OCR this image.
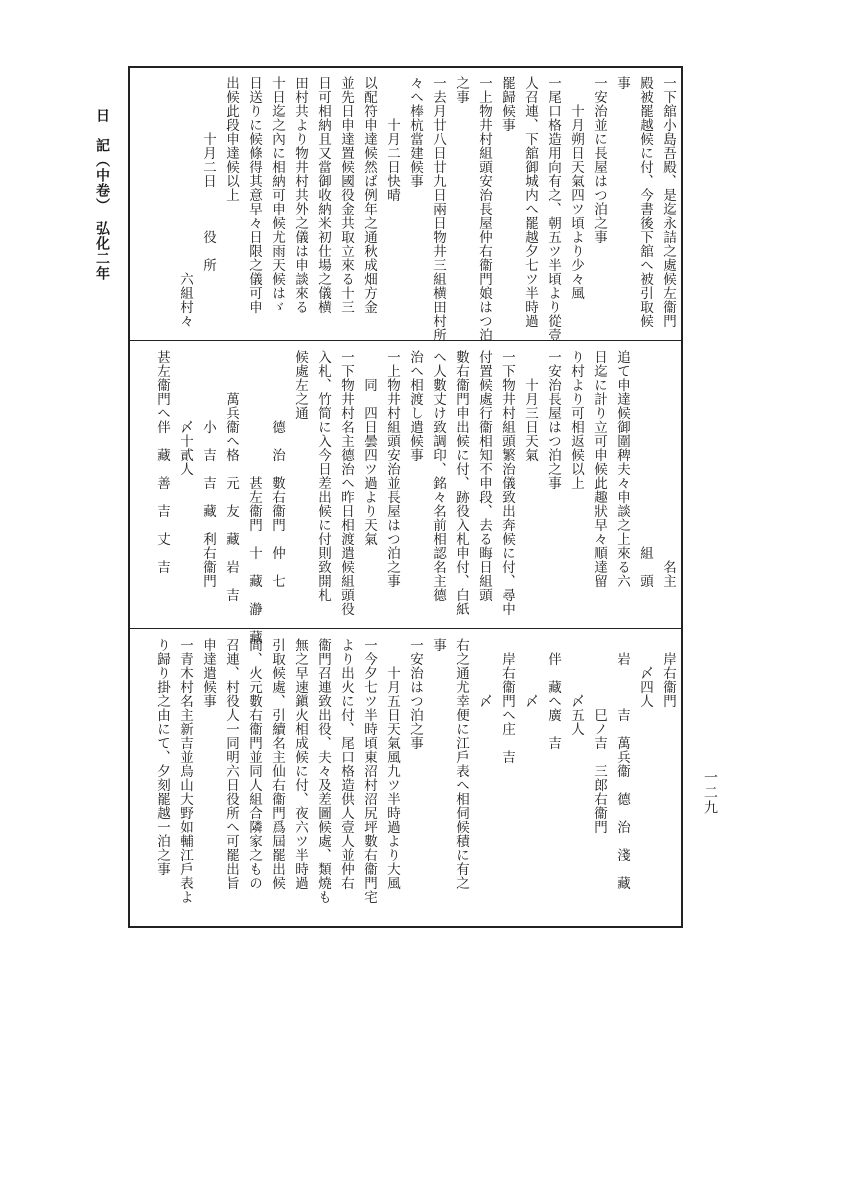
日　記（中卷）　弘化二年
一二九
一下舘小島吾殿、是迄永詰之處候左衞門
殿被罷越候に付、今書後下舘へ被引取候
事
一安治並に長屋はつ泊之事
　　十月朔日天氣四ツ頃より少々風
一尾口格造用向有之、朝五ツ半頃より從壹
人召連、下舘御城内へ罷越夕七ツ半時過
罷歸候事
一上物井村組頭安治長屋仲右衞門娘はつ泊
之事
一去月廿八日廿九日兩日物井三組横田村所
々へ棒杭當建候事
　　　十月二日快晴
以配符申達候然ば例年之通秋成畑方金
並先日申達置候國役金共取立來る十三
日可相納且又當御收納米初仕場之儀横
田村共より物井村共外之儀は申談來る
十日迄之內に相納可申候尤雨天候はゞ
日送りに候條得其意早々日限之儀可申
出候此段申達候以上
　　　　十月二日　　　役　所
　　　　　　　　　　　　　　六組村々
　　　　　　　　　　　　　　　名主
　　　　　　　　　　　　　　組　頭
追て申達候御圍稗夫々申談之上來る六
日迄に計り立可申候此趣狀早々順達留
り村より可相返候以上
一安治長屋はつ泊之事
　　十月三日天氣
一下物井村組頭繁治儀致出奔候に付、尋中
付置候處行衞相知不申段、去る晦日組頭
數右衞門申出候に付、跡役入札申付、白紙
へ人數丈け致調印、銘々名前相認名主德
治へ相渡し遣候事
一上物井村組頭安治並長屋はつ泊之事
　　同　四日曇四ツ過より天氣
一下物井村名主德治へ昨日相渡遣候組頭役
入札、竹简に入今日差出候に付則致開札
候處左之通
　　　　　德　治　數右衞門　仲　七
　　　　　　　　　甚左衞門　十　藏　瀞　藏
　　　萬兵衞へ格　元　友　藏　岩　吉
　　　　　小　吉　吉　藏　利右衞門
　　　　　〆十貳人
甚左衞門へ伴　藏　善　吉　丈　吉
　岸右衞門
　　〆四人
　岩　　　吉　萬兵衞　德　治　淺　藏
　　　　　巳ノ吉　三郎右衞門
　　　　〆五人
　伴　藏へ廣　吉
　　　　〆
　岸右衞門へ庄　吉
　　　　〆
右之通尤幸便に江戶表へ相伺候積に有之
事
一安治はつ泊之事
　　十月五日天氣風九ツ半時過より大風
一今夕七ツ半時頃東沼村沼尻坪數右衞門宅
より出火に付、尾口格造供人壹人並仲右
衞門召連致出役、夫々及差圖候處、類燒も
無之早速鎭火相成候に付、夜六ツ半時過
引取候處、引續名主仙右衞門爲屆罷出候
間、火元數右衞門並同人組合隣家之もの
召連、村役人一同明六日役所へ可罷出旨
申達遣候事
一青木村名主新吉並烏山大野如輔江戶表よ
り歸り掛之由にて、夕刻罷越一泊之事
